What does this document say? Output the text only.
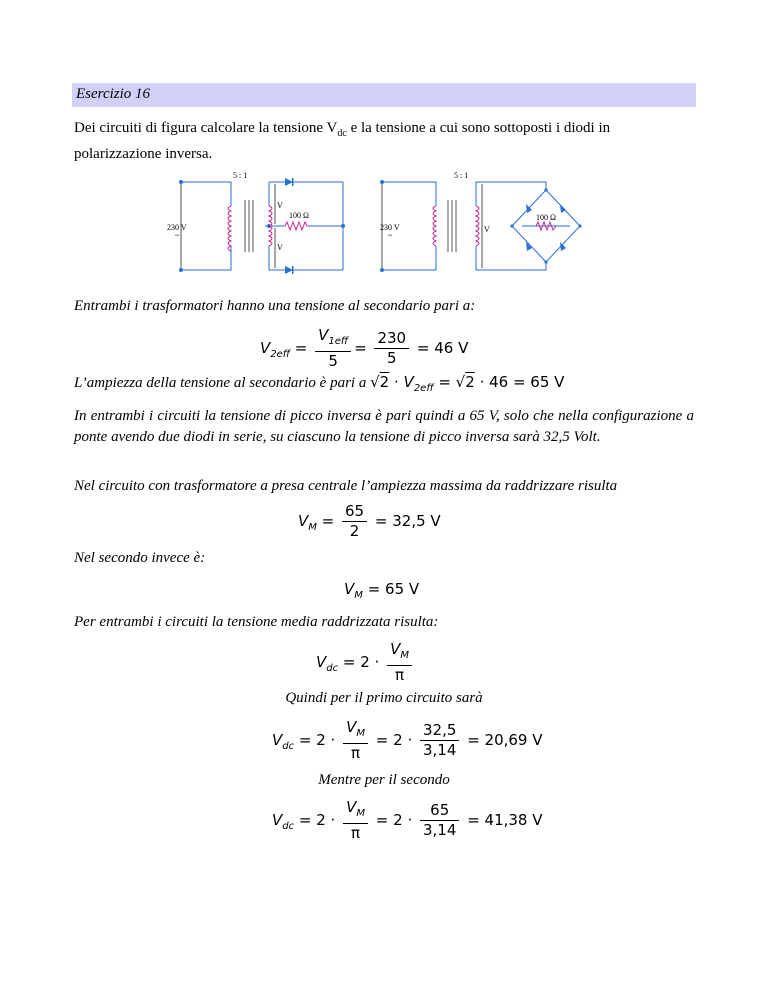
Esercizio 16
Dei circuiti di figura calcolare la tensione $V_{dc}$ e la tensione a cui sono sottoposti i diodi in
polarizzazione inversa.
5 : 1
230 V
~
100 Ω
V
V
5 : 1
230 V
~
100 Ω
V
Entrambi i trasformatori hanno una tensione al secondario pari a:
$V_{2eff} = \frac{V_{1eff}}{5} = \frac{230}{5} = 46$ V
L’ampiezza della tensione al secondario è pari a $√2 \cdot V_{2eff} = √2 \cdot 46 = 65$ V
In entrambi i circuiti la tensione di picco inversa è pari quindi a 65 V, solo che nella configurazione a ponte avendo due diodi in serie, su ciascuno la tensione di picco inversa sarà 32,5 Volt.
Nel circuito con trasformatore a presa centrale l’ampiezza massima da raddrizzare risulta
$V_M = \frac{65}{2} = 32,5$ V
Nel secondo invece è:
$V_M = 65$ V
Per entrambi i circuiti la tensione media raddrizzata risulta:
$V_{dc} = 2 \cdot \frac{V_M}{\pi}$
Quindi per il primo circuito sarà
$V_{dc} = 2 \cdot \frac{V_M}{\pi} = 2 \cdot \frac{32,5}{3,14} = 20,69$ V
Mentre per il secondo
$V_{dc} = 2 \cdot \frac{V_M}{\pi} = 2 \cdot \frac{65}{3,14} = 41,38$ V
